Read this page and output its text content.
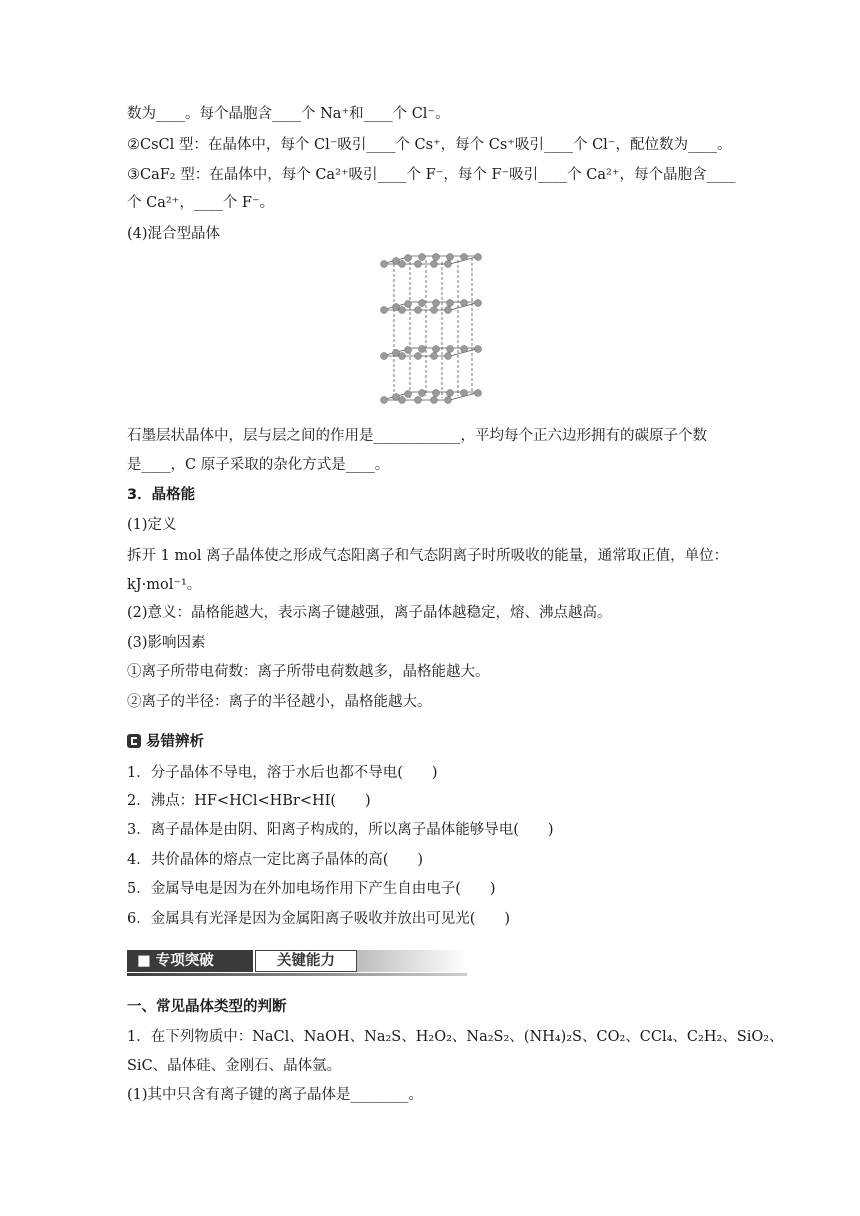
数为____。每个晶胞含____个 Na⁺和____个 Cl⁻。
②CsCl 型：在晶体中，每个 Cl⁻吸引____个 Cs⁺，每个 Cs⁺吸引____个 Cl⁻，配位数为____。
③CaF₂ 型：在晶体中，每个 Ca²⁺吸引____个 F⁻，每个 F⁻吸引____个 Ca²⁺，每个晶胞含____
个 Ca²⁺，____个 F⁻。
(4)混合型晶体
石墨层状晶体中，层与层之间的作用是____________，平均每个正六边形拥有的碳原子个数
是____，C 原子采取的杂化方式是____。
3．晶格能
(1)定义
拆开 1 mol 离子晶体使之形成气态阳离子和气态阴离子时所吸收的能量，通常取正值，单位：
kJ·mol⁻¹。
(2)意义：晶格能越大，表示离子键越强，离子晶体越稳定，熔、沸点越高。
(3)影响因素
①离子所带电荷数：离子所带电荷数越多，晶格能越大。
②离子的半径：离子的半径越小，晶格能越大。
易错辨析
1．分子晶体不导电，溶于水后也都不导电(　　)
2．沸点：HF<HCl<HBr<HI(　　)
3．离子晶体是由阴、阳离子构成的，所以离子晶体能够导电(　　)
4．共价晶体的熔点一定比离子晶体的高(　　)
5．金属导电是因为在外加电场作用下产生自由电子(　　)
6．金属具有光泽是因为金属阳离子吸收并放出可见光(　　)
■ 专项突破	关键能力
一、常见晶体类型的判断
1．在下列物质中：NaCl、NaOH、Na₂S、H₂O₂、Na₂S₂、(NH₄)₂S、CO₂、CCl₄、C₂H₂、SiO₂、
SiC、晶体硅、金刚石、晶体氩。
(1)其中只含有离子键的离子晶体是________。
